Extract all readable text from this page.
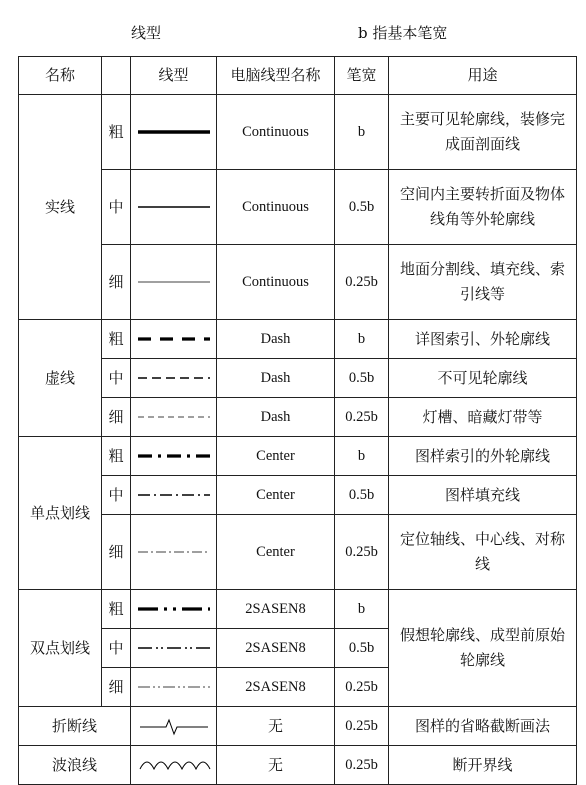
线型	b 指基本笔宽
名称		线型	电脑线型名称	笔宽	用途
实线	粗		Continuous	b	主要可见轮廓线，装修完成面剖面线
	中		Continuous	0.5b	空间内主要转折面及物体线角等外轮廓线
	细		Continuous	0.25b	地面分割线、填充线、索引线等
虚线	粗		Dash	b	详图索引、外轮廓线
	中		Dash	0.5b	不可见轮廓线
	细		Dash	0.25b	灯槽、暗藏灯带等
单点划线	粗		Center	b	图样索引的外轮廓线
	中		Center	0.5b	图样填充线
	细		Center	0.25b	定位轴线、中心线、对称线
双点划线	粗		2SASEN8	b	假想轮廓线、成型前原始轮廓线
	中		2SASEN8	0.5b	
	细		2SASEN8	0.25b	
折断线			无	0.25b	图样的省略截断画法
波浪线			无	0.25b	断开界线
